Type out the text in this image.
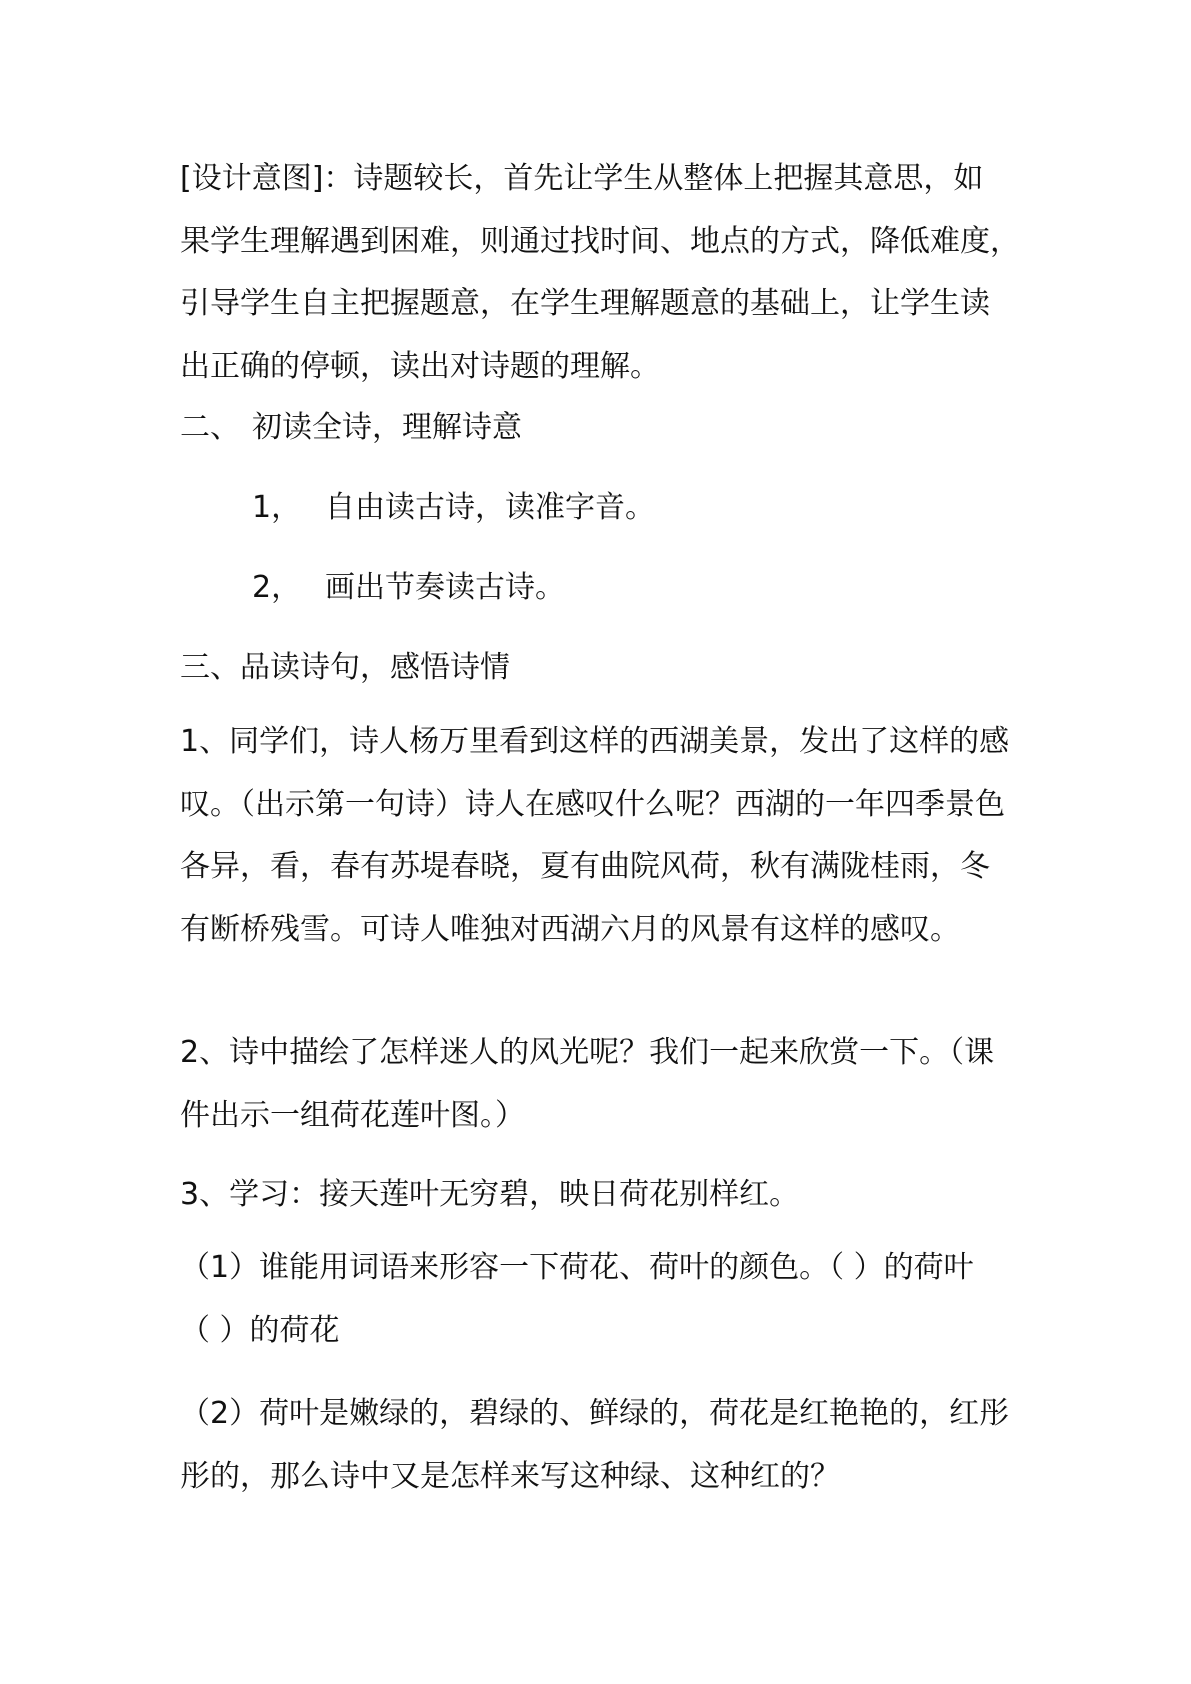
[设计意图]：诗题较长，首先让学生从整体上把握其意思，如
果学生理解遇到困难，则通过找时间、地点的方式，降低难度，
引导学生自主把握题意，在学生理解题意的基础上，让学生读
出正确的停顿，读出对诗题的理解。
二、 初读全诗，理解诗意
1， 自由读古诗，读准字音。
2， 画出节奏读古诗。
三、品读诗句，感悟诗情
1、同学们，诗人杨万里看到这样的西湖美景，发出了这样的感
叹。（出示第一句诗）诗人在感叹什么呢？西湖的一年四季景色
各异，看，春有苏堤春晓，夏有曲院风荷，秋有满陇桂雨，冬
有断桥残雪。可诗人唯独对西湖六月的风景有这样的感叹。
2、诗中描绘了怎样迷人的风光呢？我们一起来欣赏一下。（课
件出示一组荷花莲叶图。）
3、学习：接天莲叶无穷碧，映日荷花别样红。
（1）谁能用词语来形容一下荷花、荷叶的颜色。（ ）的荷叶
（ ）的荷花
（2）荷叶是嫩绿的，碧绿的、鲜绿的，荷花是红艳艳的，红彤
彤的，那么诗中又是怎样来写这种绿、这种红的？
